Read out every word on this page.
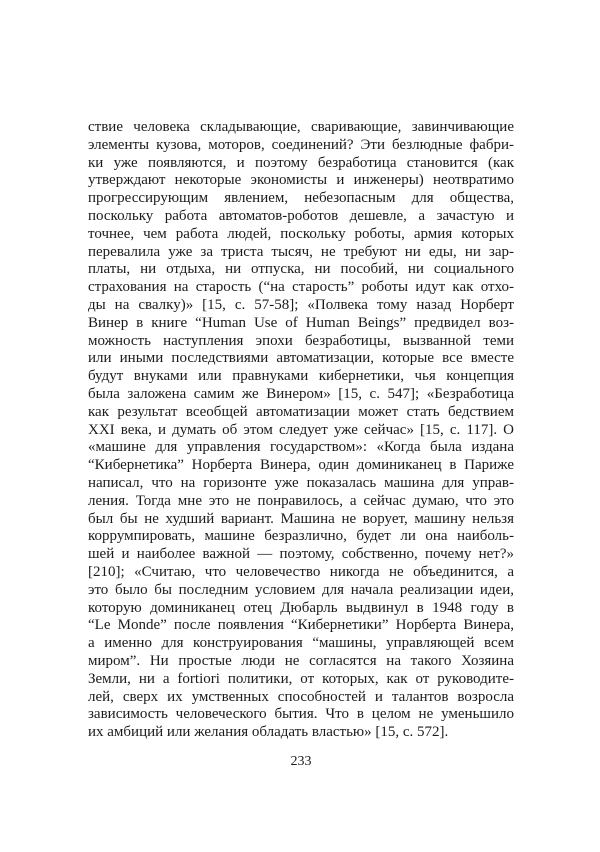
ствие человека складывающие, сваривающие, завинчивающие
элементы кузова, моторов, соединений? Эти безлюдные фабри-
ки уже появляются, и поэтому безработица становится (как
утверждают некоторые экономисты и инженеры) неотвратимо
прогрессирующим явлением, небезопасным для общества,
поскольку работа автоматов-роботов дешевле, а зачастую и
точнее, чем работа людей, поскольку роботы, армия которых
перевалила уже за триста тысяч, не требуют ни еды, ни зар-
платы, ни отдыха, ни отпуска, ни пособий, ни социального
страхования на старость (“на старость” роботы идут как отхо-
ды на свалку)» [15, с. 57-58]; «Полвека тому назад Норберт
Винер в книге “Human Use of Human Beings” предвидел воз-
можность наступления эпохи безработицы, вызванной теми
или иными последствиями автоматизации, которые все вместе
будут внуками или правнуками кибернетики, чья концепция
была заложена самим же Винером» [15, с. 547]; «Безработица
как результат всеобщей автоматизации может стать бедствием
XXI века, и думать об этом следует уже сейчас» [15, с. 117]. О
«машине для управления государством»: «Когда была издана
“Кибернетика” Норберта Винера, один доминиканец в Париже
написал, что на горизонте уже показалась машина для управ-
ления. Тогда мне это не понравилось, а сейчас думаю, что это
был бы не худший вариант. Машина не ворует, машину нельзя
коррумпировать, машине безразлично, будет ли она наиболь-
шей и наиболее важной — поэтому, собственно, почему нет?»
[210]; «Считаю, что человечество никогда не объединится, а
это было бы последним условием для начала реализации идеи,
которую доминиканец отец Дюбарль выдвинул в 1948 году в
“Le Monde” после появления “Кибернетики” Норберта Винера,
а именно для конструирования “машины, управляющей всем
миром”. Ни простые люди не согласятся на такого Хозяина
Земли, ни a fortiori политики, от которых, как от руководите-
лей, сверх их умственных способностей и талантов возросла
зависимость человеческого бытия. Что в целом не уменьшило
их амбиций или желания обладать властью» [15, с. 572].
233
